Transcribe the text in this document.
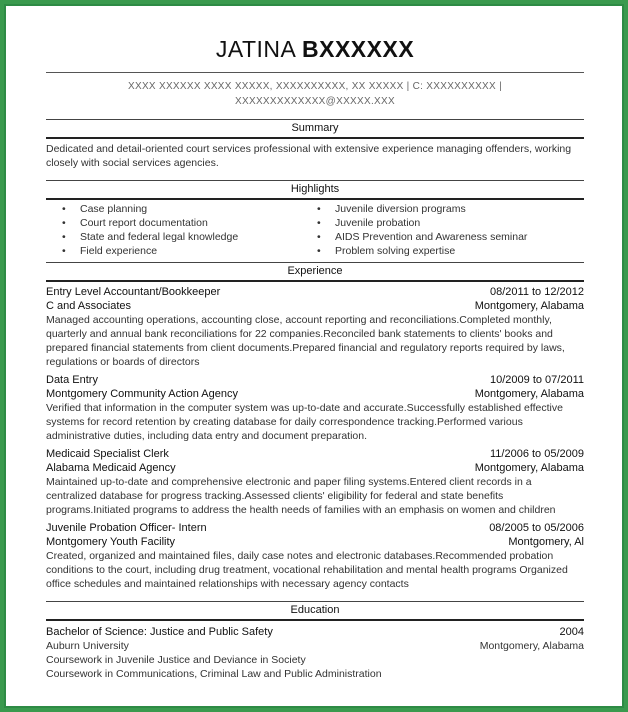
JATINA BXXXXXX
XXXX XXXXXX XXXX XXXXX, XXXXXXXXXX, XX XXXXX | C: XXXXXXXXXX |
XXXXXXXXXXXXX@XXXXX.XXX
Summary
Dedicated and detail-oriented court services professional with extensive experience managing offenders, working closely with social services agencies.
Highlights
• Case planning
• Court report documentation
• State and federal legal knowledge
• Field experience
• Juvenile diversion programs
• Juvenile probation
• AIDS Prevention and Awareness seminar
• Problem solving expertise
Experience
Entry Level Accountant/Bookkeeper	08/2011 to 12/2012
C and Associates	Montgomery, Alabama
Managed accounting operations, accounting close, account reporting and reconciliations.Completed monthly, quarterly and annual bank reconciliations for 22 companies.Reconciled bank statements to clients' books and prepared financial statements from client documents.Prepared financial and regulatory reports required by laws, regulations or boards of directors
Data Entry	10/2009 to 07/2011
Montgomery Community Action Agency	Montgomery, Alabama
Verified that information in the computer system was up-to-date and accurate.Successfully established effective systems for record retention by creating database for daily correspondence tracking.Performed various administrative duties, including data entry and document preparation.
Medicaid Specialist Clerk	11/2006 to 05/2009
Alabama Medicaid Agency	Montgomery, Alabama
Maintained up-to-date and comprehensive electronic and paper filing systems.Entered client records in a centralized database for progress tracking.Assessed clients' eligibility for federal and state benefits programs.Initiated programs to address the health needs of families with an emphasis on women and children
Juvenile Probation Officer- Intern	08/2005 to 05/2006
Montgomery Youth Facility	Montgomery, Al
Created, organized and maintained files, daily case notes and electronic databases.Recommended probation conditions to the court, including drug treatment, vocational rehabilitation and mental health programs Organized office schedules and maintained relationships with necessary agency contacts
Education
Bachelor of Science: Justice and Public Safety	2004
Auburn University	Montgomery, Alabama
Coursework in Juvenile Justice and Deviance in Society
Coursework in Communications, Criminal Law and Public Administration
